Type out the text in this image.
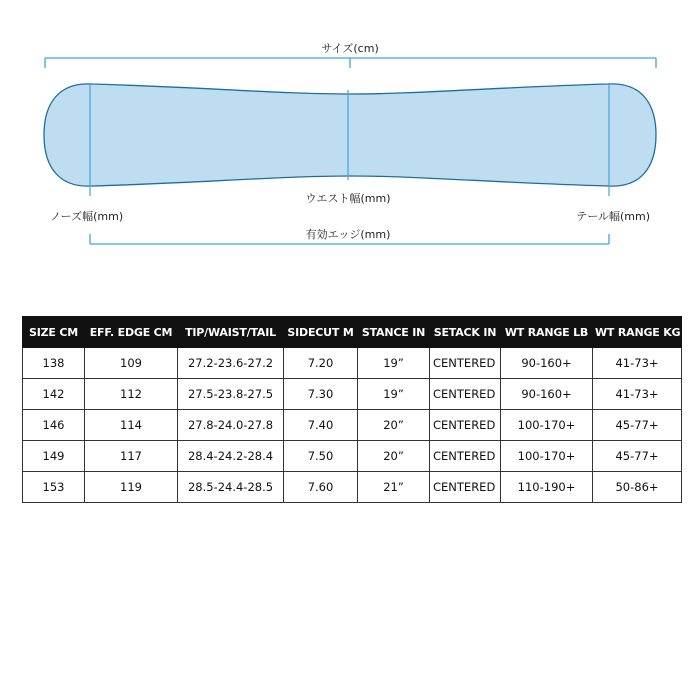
サイズ(cm)
ウエスト幅(mm)
ノーズ幅(mm)	テール幅(mm)
有効エッジ(mm)
SIZE CM	EFF. EDGE CM	TIP/WAIST/TAIL	SIDECUT M	STANCE IN	SETACK IN	WT RANGE LB	WT RANGE KG
138	109	27.2-23.6-27.2	7.20	19”	CENTERED	90-160+	41-73+
142	112	27.5-23.8-27.5	7.30	19”	CENTERED	90-160+	41-73+
146	114	27.8-24.0-27.8	7.40	20”	CENTERED	100-170+	45-77+
149	117	28.4-24.2-28.4	7.50	20”	CENTERED	100-170+	45-77+
153	119	28.5-24.4-28.5	7.60	21”	CENTERED	110-190+	50-86+
